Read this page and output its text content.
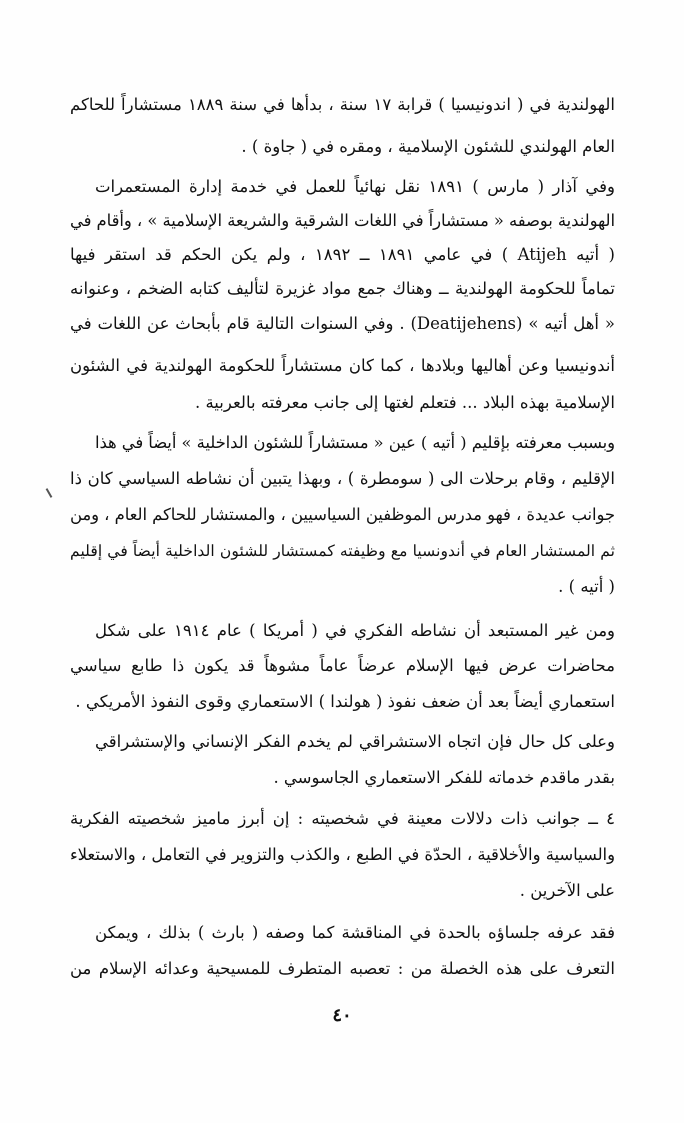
الهولندية في ( اندونيسيا ) قرابة ١٧ سنة ، بدأها في سنة ١٨٨٩ مستشاراً للحاكم
العام الهولندي للشئون الإسلامية ، ومقره في ( جاوة ) .
وفي آذار ( مارس ) ١٨٩١ نقل نهائياً للعمل في خدمة إدارة المستعمرات
الهولندية بوصفه « مستشاراً في اللغات الشرقية والشريعة الإسلامية » ، وأقام في
( أتيه Atijeh ) في عامي ١٨٩١ ــ ١٨٩٢ ، ولم يكن الحكم قد استقر فيها
تماماً للحكومة الهولندية ــ وهناك جمع مواد غزيرة لتأليف كتابه الضخم ، وعنوانه
« أهل أتيه » (Deatijehens) . وفي السنوات التالية قام بأبحاث عن اللغات في
أندونيسيا وعن أهاليها وبلادها ، كما كان مستشاراً للحكومة الهولندية في الشئون
الإسلامية بهذه البلاد ... فتعلم لغتها إلى جانب معرفته بالعربية .
وبسبب معرفته بإقليم ( أتيه ) عين « مستشاراً للشئون الداخلية » أيضاً في هذا
الإقليم ، وقام برحلات الى ( سومطرة ) ، وبهذا يتبين أن نشاطه السياسي كان ذا
جوانب عديدة ، فهو مدرس الموظفين السياسيين ، والمستشار للحاكم العام ، ومن
ثم المستشار العام في أندونسيا مع وظيفته كمستشار للشئون الداخلية أيضاً في إقليم
( أتيه ) .
ومن غير المستبعد أن نشاطه الفكري في ( أمريكا ) عام ١٩١٤ على شكل
محاضرات عرض فيها الإسلام عرضاً عاماً مشوهاً قد يكون ذا طابع سياسي
استعماري أيضاً بعد أن ضعف نفوذ ( هولندا ) الاستعماري وقوى النفوذ الأمريكي .
وعلى كل حال فإن اتجاه الاستشراقي لم يخدم الفكر الإنساني والإستشراقي
بقدر ماقدم خدماته للفكر الاستعماري الجاسوسي .
٤ ــ جوانب ذات دلالات معينة في شخصيته : إن أبرز ماميز شخصيته الفكرية
والسياسية والأخلاقية ، الحدّة في الطبع ، والكذب والتزوير في التعامل ، والاستعلاء
على الآخرين .
فقد عرفه جلساؤه بالحدة في المناقشة كما وصفه ( بارث ) بذلك ، ويمكن
التعرف على هذه الخصلة من : تعصبه المتطرف للمسيحية وعدائه الإسلام من
٤٠
